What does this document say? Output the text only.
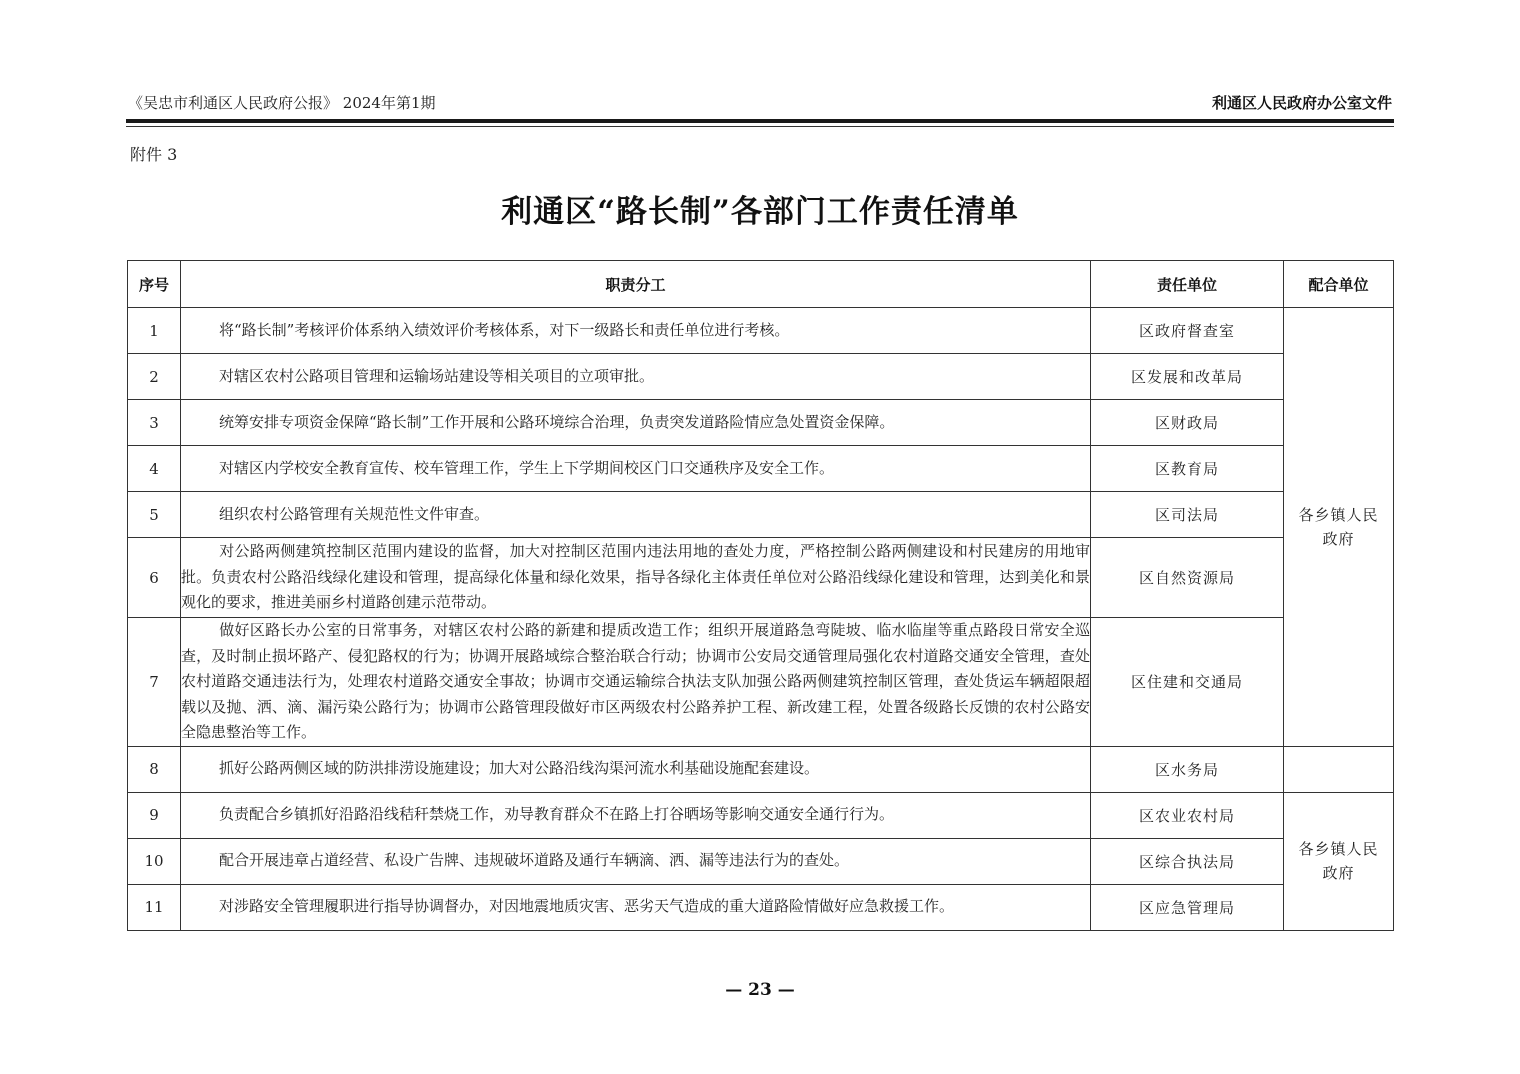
《吴忠市利通区人民政府公报》 2024年第1期	利通区人民政府办公室文件
附件 3
利通区“路长制”各部门工作责任清单
序号	职责分工	责任单位	配合单位
1	将“路长制”考核评价体系纳入绩效评价考核体系，对下一级路长和责任单位进行考核。	区政府督查室	各乡镇人民政府

2	对辖区农村公路项目管理和运输场站建设等相关项目的立项审批。	区发展和改革局	
3	统筹安排专项资金保障“路长制”工作开展和公路环境综合治理，负责突发道路险情应急处置资金保障。	区财政局	
4	对辖区内学校安全教育宣传、校车管理工作，学生上下学期间校区门口交通秩序及安全工作。	区教育局	
5	组织农村公路管理有关规范性文件审查。	区司法局	
6	对公路两侧建筑控制区范围内建设的监督，加大对控制区范围内违法用地的查处力度，严格控制公路两侧建设和村民建房的用地审批。负责农村公路沿线绿化建设和管理，提高绿化体量和绿化效果，指导各绿化主体责任单位对公路沿线绿化建设和管理，达到美化和景观化的要求，推进美丽乡村道路创建示范带动。	区自然资源局	
7	做好区路长办公室的日常事务，对辖区农村公路的新建和提质改造工作；组织开展道路急弯陡坡、临水临崖等重点路段日常安全巡查，及时制止损坏路产、侵犯路权的行为；协调开展路域综合整治联合行动；协调市公安局交通管理局强化农村道路交通安全管理，查处农村道路交通违法行为，处理农村道路交通安全事故；协调市交通运输综合执法支队加强公路两侧建筑控制区管理，查处货运车辆超限超载以及抛、洒、滴、漏污染公路行为；协调市公路管理段做好市区两级农村公路养护工程、新改建工程，处置各级路长反馈的农村公路安全隐患整治等工作。	区住建和交通局	
8	抓好公路两侧区域的防洪排涝设施建设；加大对公路沿线沟渠河流水利基础设施配套建设。	区水务局	
9	负责配合乡镇抓好沿路沿线秸秆禁烧工作，劝导教育群众不在路上打谷晒场等影响交通安全通行行为。	区农业农村局	各乡镇人民政府

10	配合开展违章占道经营、私设广告牌、违规破坏道路及通行车辆滴、洒、漏等违法行为的查处。	区综合执法局	
11	对涉路安全管理履职进行指导协调督办，对因地震地质灾害、恶劣天气造成的重大道路险情做好应急救援工作。	区应急管理局	
— 23 —
